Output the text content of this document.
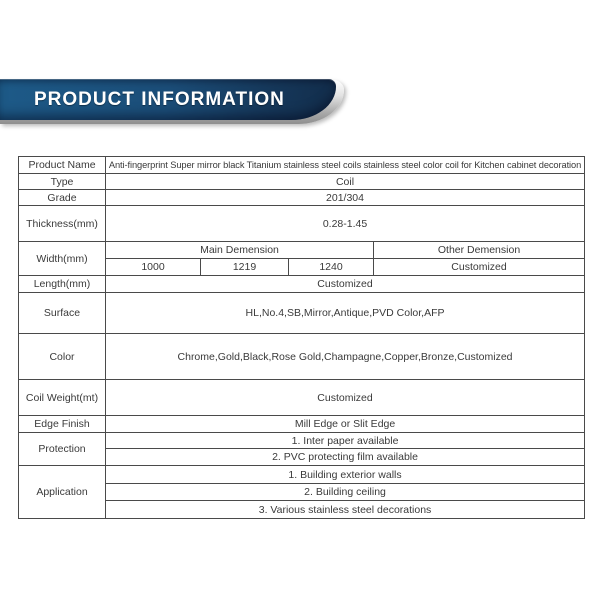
PRODUCT INFORMATION
Product Name	Anti-fingerprint Super mirror black Titanium stainless steel coils stainless steel color coil for Kitchen cabinet decoration			
Type	Coil			
Grade	201/304			
Thickness(mm)	0.28-1.45			
Width(mm)	Main Demension			Other Demension
	1000	1219	1240	Customized
Length(mm)	Customized			
Surface	HL,No.4,SB,Mirror,Antique,PVD Color,AFP			
Color	Chrome,Gold,Black,Rose Gold,Champagne,Copper,Bronze,Customized			
Coil Weight(mt)	Customized			
Edge Finish	Mill Edge or Slit Edge			
Protection	1. Inter paper available			
	2. PVC protecting film available			
Application	1. Building exterior walls			
	2. Building ceiling			
	3. Various stainless steel decorations			
